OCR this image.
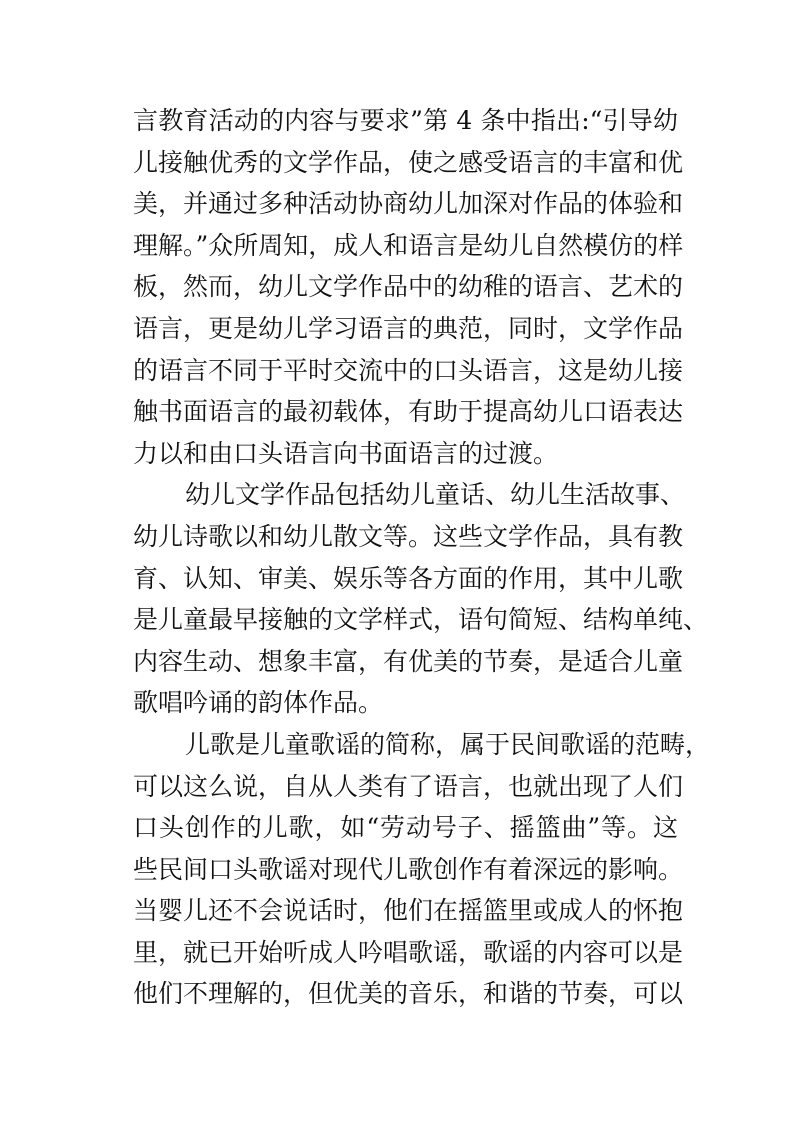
言教育活动的内容与要求”第 4 条中指出:“引导幼
儿接触优秀的文学作品，使之感受语言的丰富和优
美，并通过多种活动协商幼儿加深对作品的体验和
理解。”众所周知，成人和语言是幼儿自然模仿的样
板，然而，幼儿文学作品中的幼稚的语言、艺术的
语言，更是幼儿学习语言的典范，同时，文学作品
的语言不同于平时交流中的口头语言，这是幼儿接
触书面语言的最初载体，有助于提高幼儿口语表达
力以和由口头语言向书面语言的过渡。
幼儿文学作品包括幼儿童话、幼儿生活故事、
幼儿诗歌以和幼儿散文等。这些文学作品，具有教
育、认知、审美、娱乐等各方面的作用，其中儿歌
是儿童最早接触的文学样式，语句简短、结构单纯、
内容生动、想象丰富，有优美的节奏，是适合儿童
歌唱吟诵的韵体作品。
儿歌是儿童歌谣的简称，属于民间歌谣的范畴，
可以这么说，自从人类有了语言，也就出现了人们
口头创作的儿歌，如“劳动号子、摇篮曲”等。这
些民间口头歌谣对现代儿歌创作有着深远的影响。
当婴儿还不会说话时，他们在摇篮里或成人的怀抱
里，就已开始听成人吟唱歌谣，歌谣的内容可以是
他们不理解的，但优美的音乐，和谐的节奏，可以
